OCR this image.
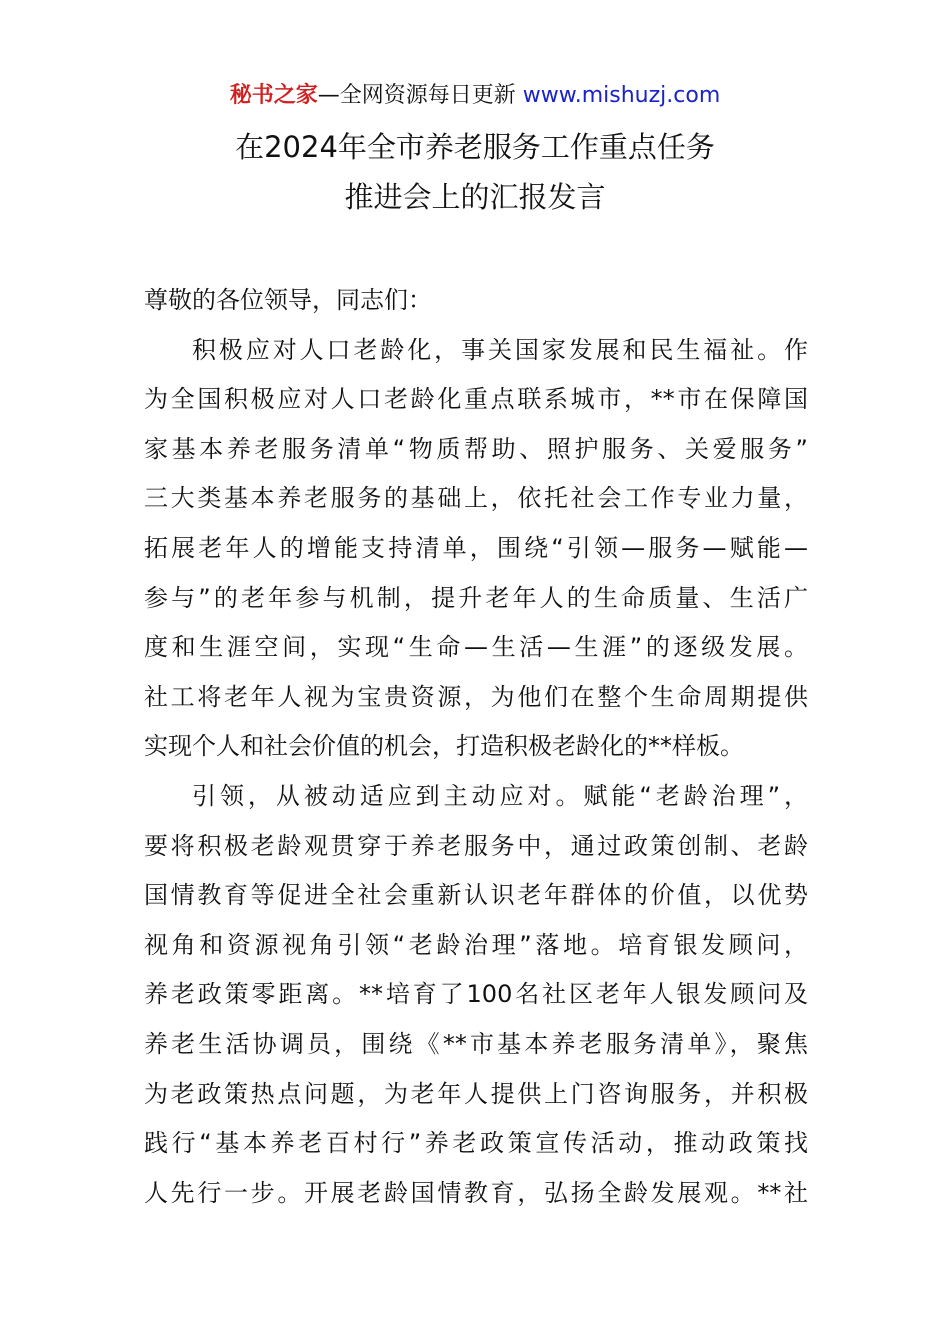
秘书之家—全网资源每日更新 www.mishuzj.com
在2024年全市养老服务工作重点任务
推进会上的汇报发言
尊敬的各位领导，同志们：
积极应对人口老龄化，事关国家发展和民生福祉。作
为全国积极应对人口老龄化重点联系城市，**市在保障国
家基本养老服务清单“物质帮助、照护服务、关爱服务”
三大类基本养老服务的基础上，依托社会工作专业力量，
拓展老年人的增能支持清单，围绕“引领—服务—赋能—
参与”的老年参与机制，提升老年人的生命质量、生活广
度和生涯空间，实现“生命—生活—生涯”的逐级发展。
社工将老年人视为宝贵资源，为他们在整个生命周期提供
实现个人和社会价值的机会，打造积极老龄化的**样板。
引领，从被动适应到主动应对。赋能“老龄治理”，
要将积极老龄观贯穿于养老服务中，通过政策创制、老龄
国情教育等促进全社会重新认识老年群体的价值，以优势
视角和资源视角引领“老龄治理”落地。培育银发顾问，
养老政策零距离。**培育了100名社区老年人银发顾问及
养老生活协调员，围绕《**市基本养老服务清单》，聚焦
为老政策热点问题，为老年人提供上门咨询服务，并积极
践行“基本养老百村行”养老政策宣传活动，推动政策找
人先行一步。开展老龄国情教育，弘扬全龄发展观。**社
